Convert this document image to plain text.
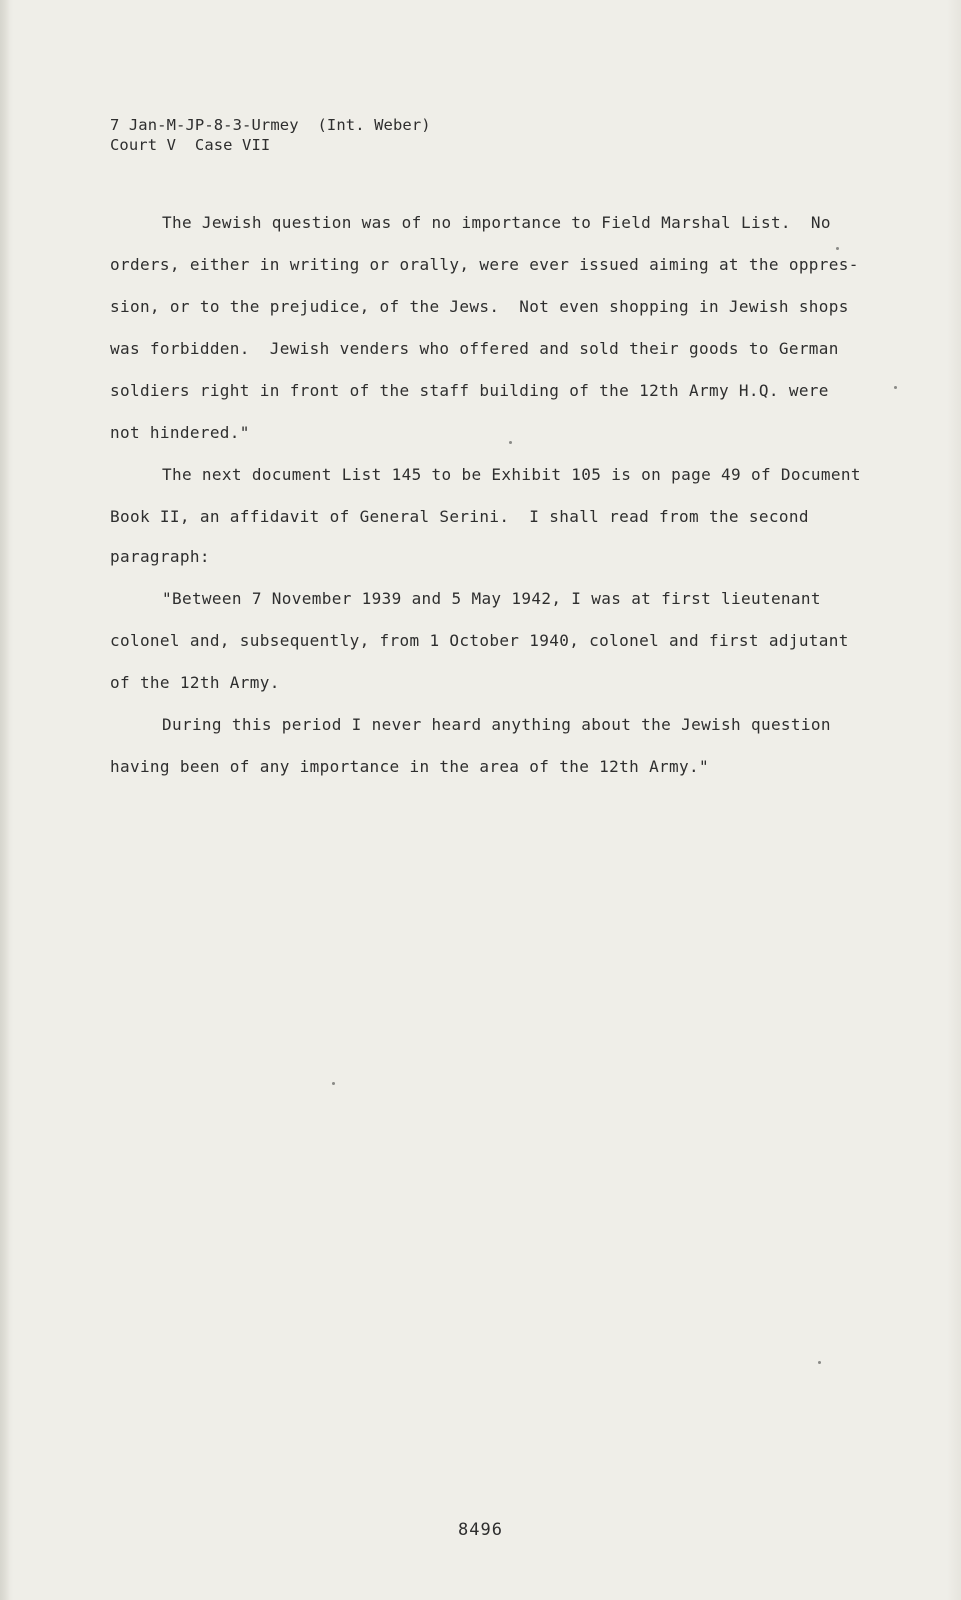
7 Jan-M-JP-8-3-Urmey  (Int. Weber)
Court V  Case VII
The Jewish question was of no importance to Field Marshal List.  No
orders, either in writing or orally, were ever issued aiming at the oppres-
sion, or to the prejudice, of the Jews.  Not even shopping in Jewish shops
was forbidden.  Jewish venders who offered and sold their goods to German
soldiers right in front of the staff building of the 12th Army H.Q. were
not hindered."
The next document List 145 to be Exhibit 105 is on page 49 of Document
Book II, an affidavit of General Serini.  I shall read from the second
paragraph:
"Between 7 November 1939 and 5 May 1942, I was at first lieutenant
colonel and, subsequently, from 1 October 1940, colonel and first adjutant
of the 12th Army.
During this period I never heard anything about the Jewish question
having been of any importance in the area of the 12th Army."
8496
